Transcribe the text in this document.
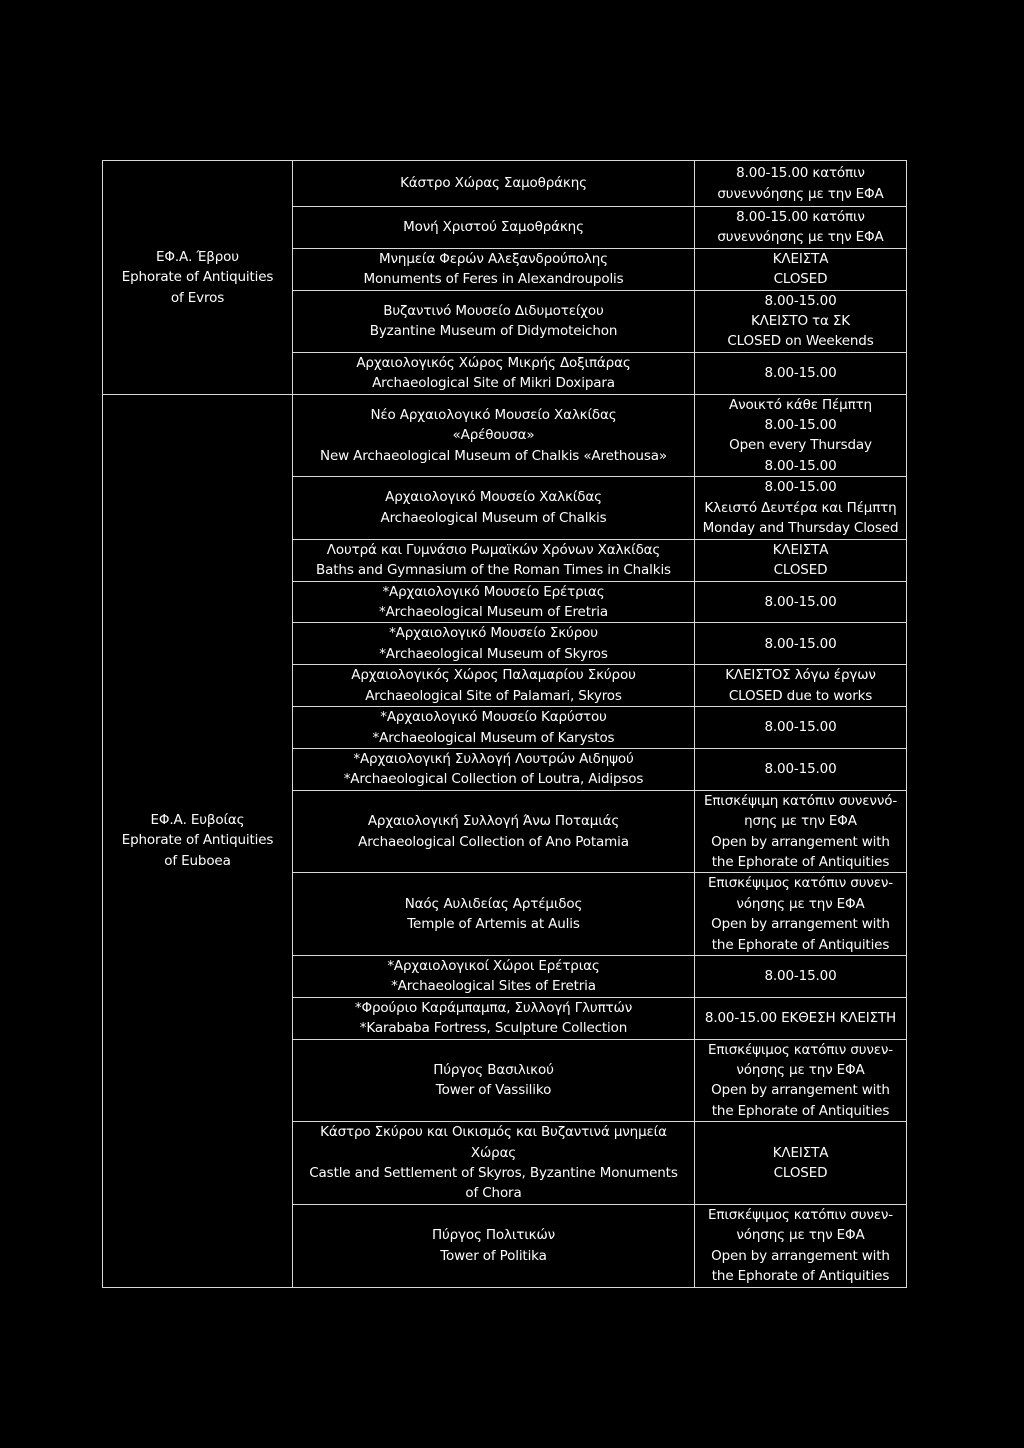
ΕΦ.Α. Έβρου
Ephorate of Antiquities
of Evros	Κάστρο Χώρας Σαμοθράκης	8.00-15.00 κατόπιν
συνεννόησης με την ΕΦΑ

	Μονή Χριστού Σαμοθράκης	8.00-15.00 κατόπιν
συνεννόησης με την ΕΦΑ

	Μνημεία Φερών Αλεξανδρούπολης
Monuments of Feres in Alexandroupolis	ΚΛΕΙΣΤΑ
CLOSED

	Βυζαντινό Μουσείο Διδυμοτείχου
Byzantine Museum of Didymoteichon	8.00-15.00
ΚΛΕΙΣΤΟ τα ΣΚ
CLOSED on Weekends

	Αρχαιολογικός Χώρος Μικρής Δοξιπάρας
Archaeological Site of Mikri Doxipara	8.00-15.00

ΕΦ.Α. Ευβοίας
Ephorate of Antiquities
of Euboea	Νέο Αρχαιολογικό Μουσείο Χαλκίδας
«Αρέθουσα»
New Archaeological Museum of Chalkis «Arethousa»	Ανοικτό κάθε Πέμπτη
8.00-15.00
Open every Thursday
8.00-15.00

	Αρχαιολογικό Μουσείο Χαλκίδας
Archaeological Museum of Chalkis	8.00-15.00
Κλειστό Δευτέρα και Πέμπτη
Monday and Thursday Closed

	Λουτρά και Γυμνάσιο Ρωμαϊκών Χρόνων Χαλκίδας
Baths and Gymnasium of the Roman Times in Chalkis	ΚΛΕΙΣΤΑ
CLOSED

	*Αρχαιολογικό Μουσείο Ερέτριας
*Archaeological Museum of Eretria	8.00-15.00

	*Αρχαιολογικό Μουσείο Σκύρου
*Archaeological Museum of Skyros	8.00-15.00

	Αρχαιολογικός Χώρος Παλαμαρίου Σκύρου
Archaeological Site of Palamari, Skyros	ΚΛΕΙΣΤΟΣ λόγω έργων
CLOSED due to works

	*Αρχαιολογικό Μουσείο Καρύστου
*Archaeological Museum of Karystos	8.00-15.00

	*Αρχαιολογική Συλλογή Λουτρών Αιδηψού
*Archaeological Collection of Loutra, Aidipsos	8.00-15.00

	Αρχαιολογική Συλλογή Άνω Ποταμιάς
Archaeological Collection of Ano Potamia	Επισκέψιμη κατόπιν συνεννό-
ησης με την ΕΦΑ
Open by arrangement with
the Ephorate of Antiquities

	Ναός Αυλιδείας Αρτέμιδος
Temple of Artemis at Aulis	Επισκέψιμος κατόπιν συνεν-
νόησης με την ΕΦΑ
Open by arrangement with
the Ephorate of Antiquities

	*Αρχαιολογικοί Χώροι Ερέτριας
*Archaeological Sites of Eretria	8.00-15.00

	*Φρούριο Καράμπαμπα, Συλλογή Γλυπτών
*Karababa Fortress, Sculpture Collection	8.00-15.00 ΕΚΘΕΣΗ ΚΛΕΙΣΤΗ

	Πύργος Βασιλικού
Tower of Vassiliko	Επισκέψιμος κατόπιν συνεν-
νόησης με την ΕΦΑ
Open by arrangement with
the Ephorate of Antiquities

	Κάστρο Σκύρου και Οικισμός και Βυζαντινά μνημεία
Χώρας
Castle and Settlement of Skyros, Byzantine Monuments
of Chora	ΚΛΕΙΣΤΑ
CLOSED

	Πύργος Πολιτικών
Tower of Politika	Επισκέψιμος κατόπιν συνεν-
νόησης με την ΕΦΑ
Open by arrangement with
the Ephorate of Antiquities
